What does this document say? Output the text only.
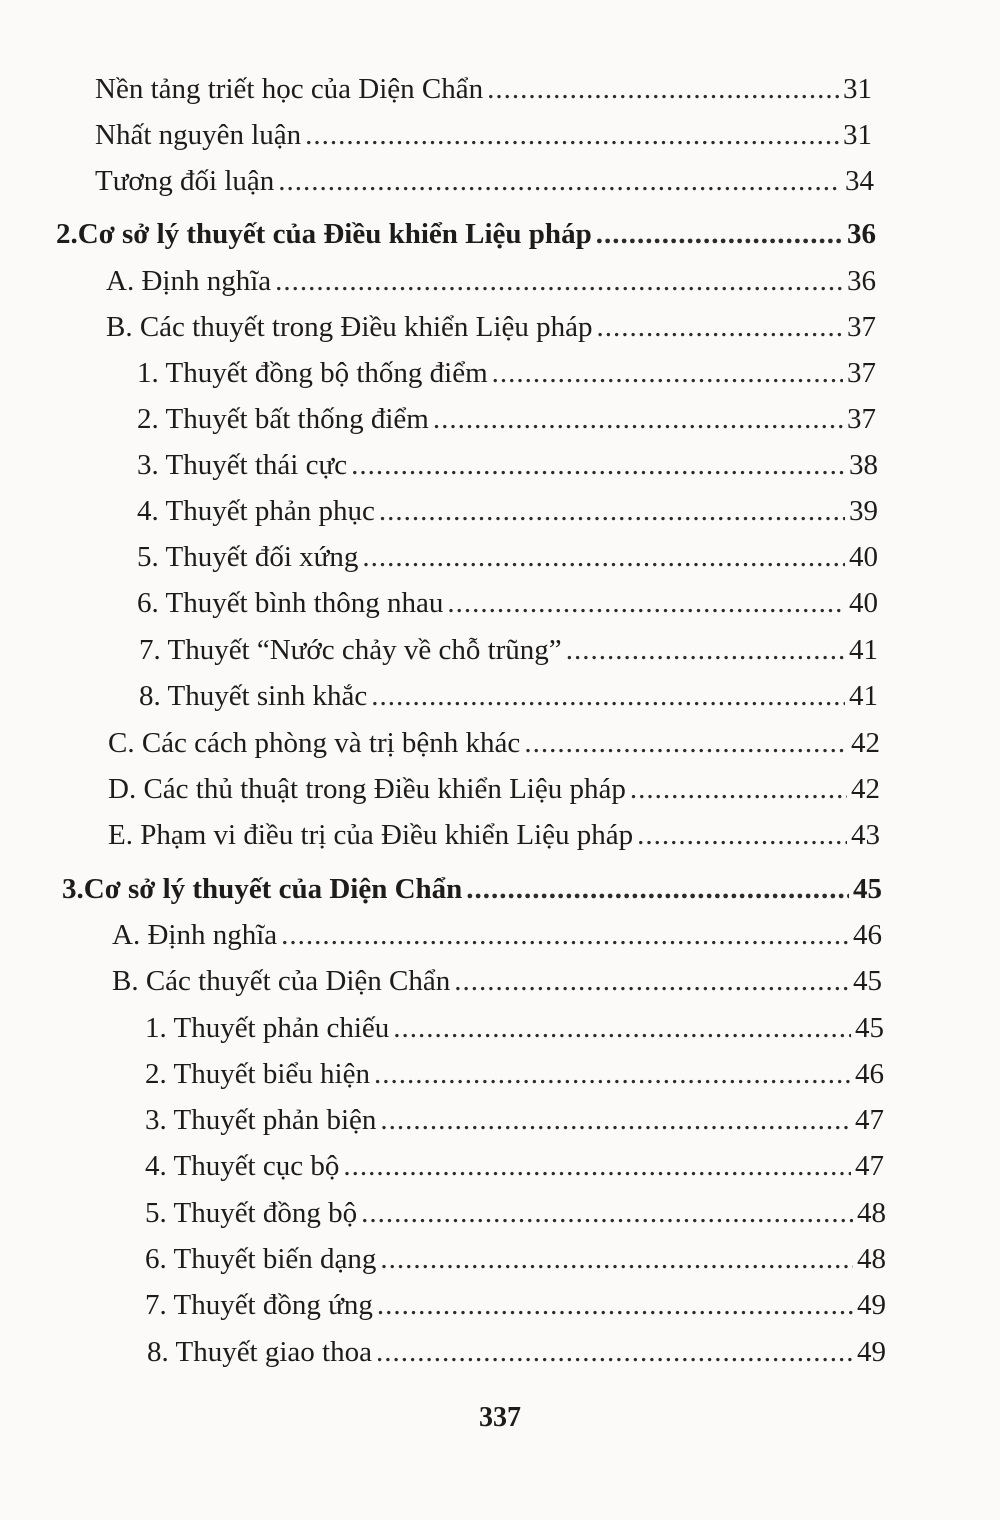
Nền tảng triết học của Diện Chẩn .....	31
Nhất nguyên luận .....	31
Tương đối luận .....	34
2. Cơ sở lý thuyết của Điều khiển Liệu pháp .....	36
A. Định nghĩa .....	36
B. Các thuyết trong Điều khiển Liệu pháp .....	37
1. Thuyết đồng bộ thống điểm .....	37
2. Thuyết bất thống điểm .....	37
3. Thuyết thái cực .....	38
4. Thuyết phản phục .....	39
5. Thuyết đối xứng .....	40
6. Thuyết bình thông nhau .....	40
7. Thuyết “Nước chảy về chỗ trũng” .....	41
8. Thuyết sinh khắc .....	41
C. Các cách phòng và trị bệnh khác .....	42
D. Các thủ thuật trong Điều khiển Liệu pháp .....	42
E. Phạm vi điều trị của Điều khiển Liệu pháp .....	43
3. Cơ sở lý thuyết của Diện Chẩn .....	45
A. Định nghĩa .....	46
B. Các thuyết của Diện Chẩn .....	45
1. Thuyết phản chiếu .....	45
2. Thuyết biểu hiện .....	46
3. Thuyết phản biện .....	47
4. Thuyết cục bộ .....	47
5. Thuyết đồng bộ .....	48
6. Thuyết biến dạng .....	48
7. Thuyết đồng ứng .....	49
8. Thuyết giao thoa .....	49
337
